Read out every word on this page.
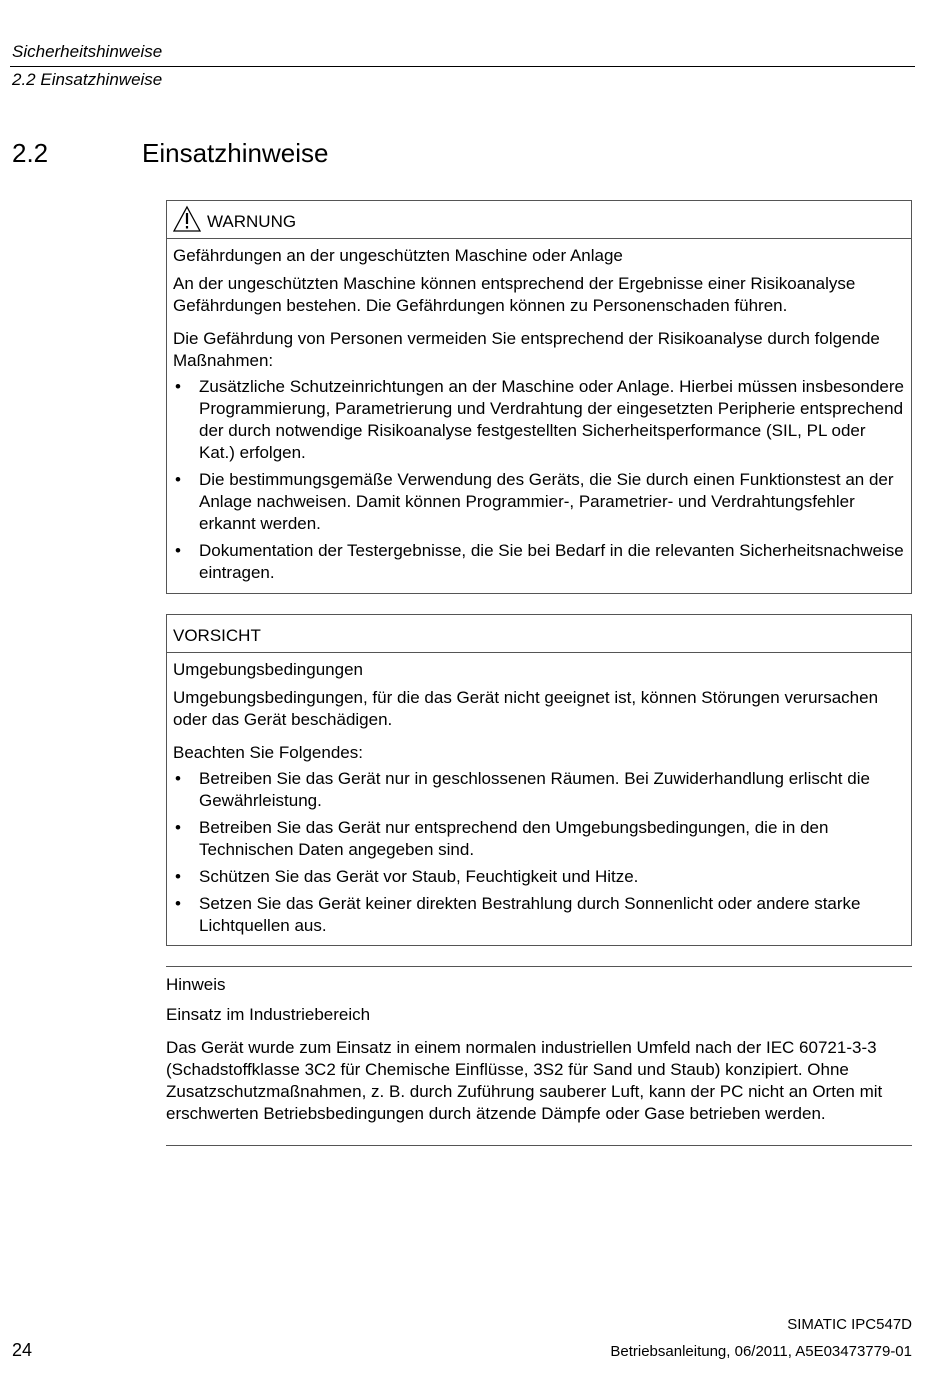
Sicherheitshinweise
2.2 Einsatzhinweise
2.2	Einsatzhinweise
WARNUNG
Gefährdungen an der ungeschützten Maschine oder Anlage
An der ungeschützten Maschine können entsprechend der Ergebnisse einer Risikoanalyse Gefährdungen bestehen. Die Gefährdungen können zu Personenschaden führen.
Die Gefährdung von Personen vermeiden Sie entsprechend der Risikoanalyse durch folgende Maßnahmen:
• Zusätzliche Schutzeinrichtungen an der Maschine oder Anlage. Hierbei müssen insbesondere Programmierung, Parametrierung und Verdrahtung der eingesetzten Peripherie entsprechend der durch notwendige Risikoanalyse festgestellten Sicherheitsperformance (SIL, PL oder Kat.) erfolgen.
• Die bestimmungsgemäße Verwendung des Geräts, die Sie durch einen Funktionstest an der Anlage nachweisen. Damit können Programmier-, Parametrier- und Verdrahtungsfehler erkannt werden.
• Dokumentation der Testergebnisse, die Sie bei Bedarf in die relevanten Sicherheitsnachweise eintragen.
VORSICHT
Umgebungsbedingungen
Umgebungsbedingungen, für die das Gerät nicht geeignet ist, können Störungen verursachen oder das Gerät beschädigen.
Beachten Sie Folgendes:
• Betreiben Sie das Gerät nur in geschlossenen Räumen. Bei Zuwiderhandlung erlischt die Gewährleistung.
• Betreiben Sie das Gerät nur entsprechend den Umgebungsbedingungen, die in den Technischen Daten angegeben sind.
• Schützen Sie das Gerät vor Staub, Feuchtigkeit und Hitze.
• Setzen Sie das Gerät keiner direkten Bestrahlung durch Sonnenlicht oder andere starke Lichtquellen aus.
Hinweis
Einsatz im Industriebereich
Das Gerät wurde zum Einsatz in einem normalen industriellen Umfeld nach der IEC 60721-3-3 (Schadstoffklasse 3C2 für Chemische Einflüsse, 3S2 für Sand und Staub) konzipiert. Ohne Zusatzschutzmaßnahmen, z. B. durch Zuführung sauberer Luft, kann der PC nicht an Orten mit erschwerten Betriebsbedingungen durch ätzende Dämpfe oder Gase betrieben werden.
SIMATIC IPC547D
24	Betriebsanleitung, 06/2011, A5E03473779-01
